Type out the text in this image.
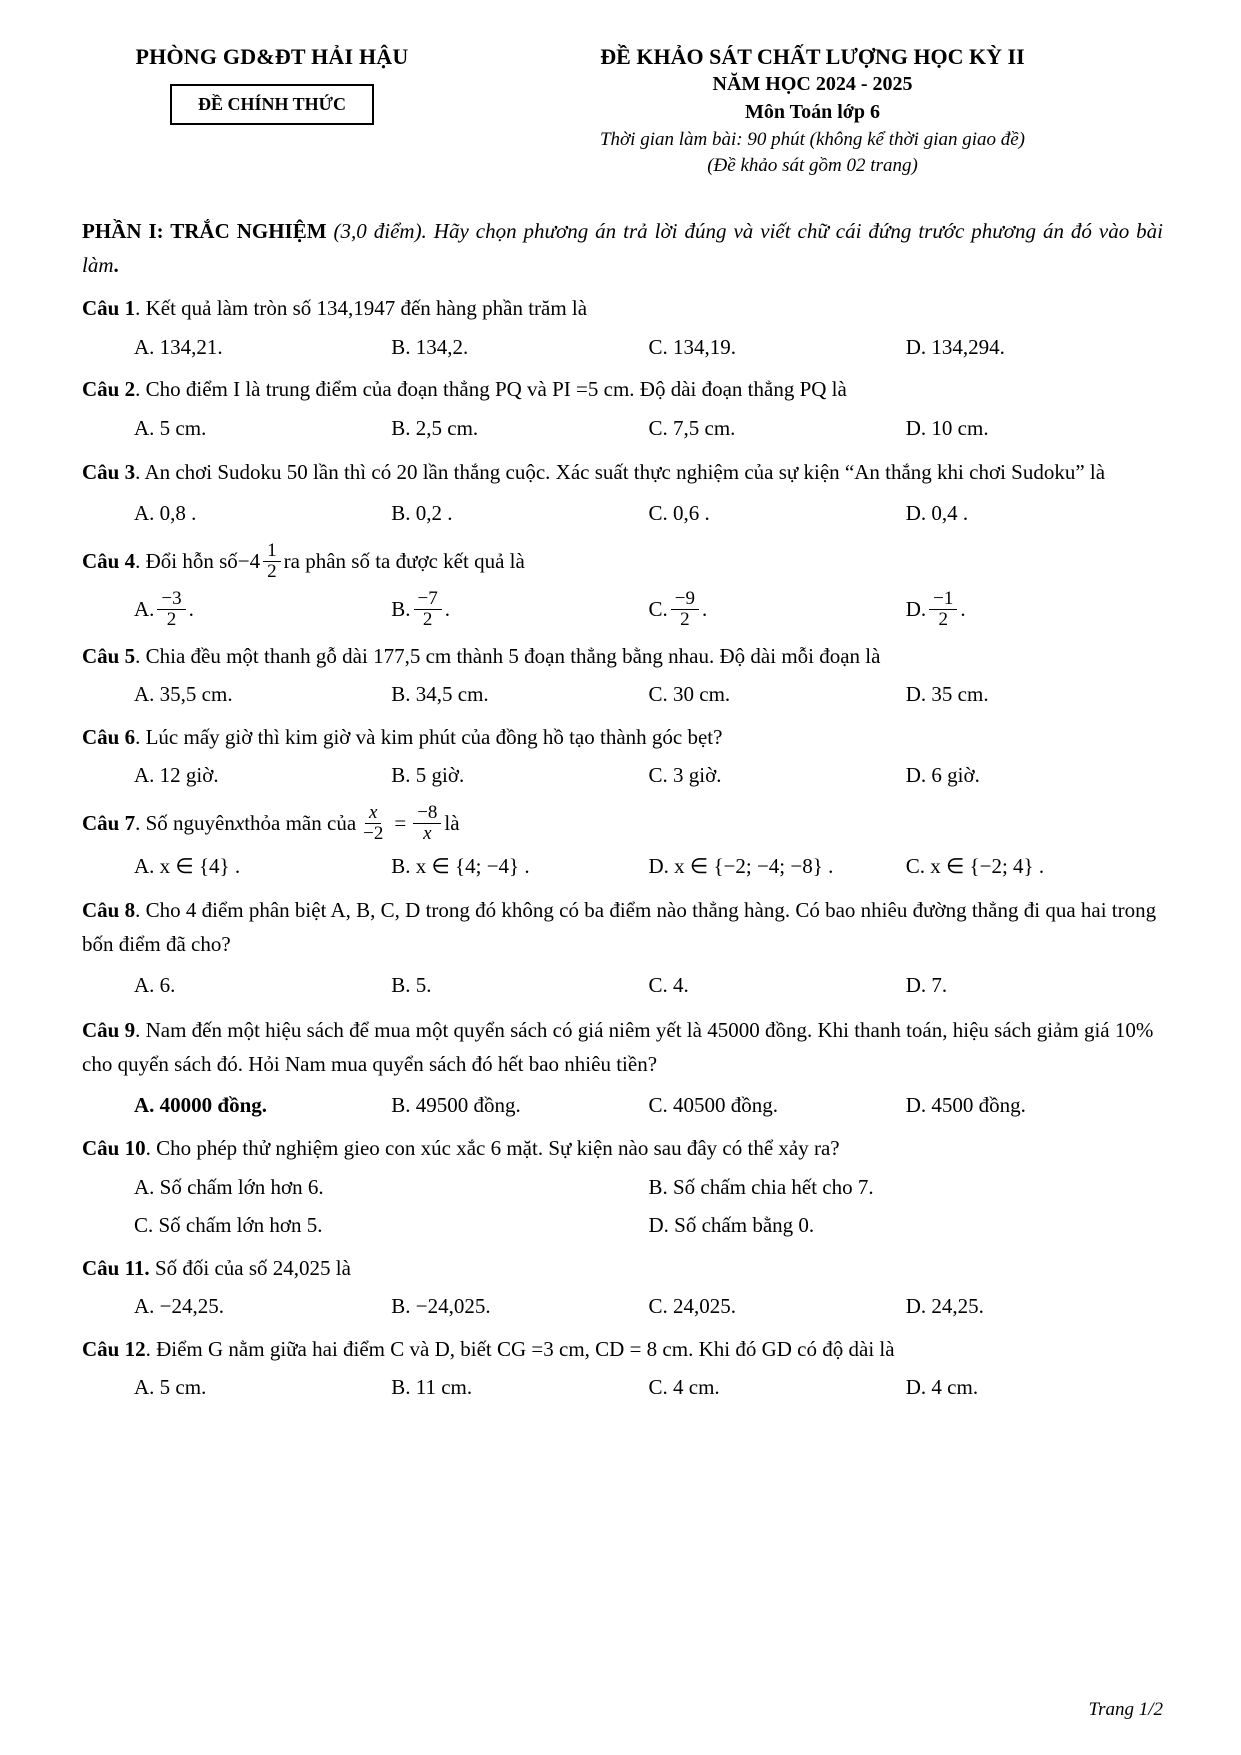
PHÒNG GD&ĐT HẢI HẬU
ĐỀ CHÍNH THỨC
ĐỀ KHẢO SÁT CHẤT LƯỢNG HỌC KỲ II
NĂM HỌC 2024 - 2025
Môn Toán lớp 6
Thời gian làm bài: 90 phút (không kể thời gian giao đề)
(Đề khảo sát gồm 02 trang)
PHẦN I: TRẮC NGHIỆM (3,0 điểm). Hãy chọn phương án trả lời đúng và viết chữ cái đứng trước phương án đó vào bài làm.
Câu 1. Kết quả làm tròn số 134,1947 đến hàng phần trăm là
A. 134,21.	B. 134,2.	C. 134,19.	D. 134,294.
Câu 2. Cho điểm I là trung điểm của đoạn thẳng PQ và PI =5 cm. Độ dài đoạn thẳng PQ là
A. 5 cm.	B. 2,5 cm.	C. 7,5 cm.	D. 10 cm.
Câu 3. An chơi Sudoku 50 lần thì có 20 lần thắng cuộc. Xác suất thực nghiệm của sự kiện “An thắng khi chơi Sudoku” là
A. 0,8 .	B. 0,2 .	C. 0,6 .	D. 0,4 .
Câu 4 . Đổi hỗn số $-4 \frac{1}{2}$ ra phân số ta được kết quả là
A. $\frac{-3}{2}$ .	B. $\frac{-7}{2}$ .	C. $\frac{-9}{2}$ .	D. $\frac{-1}{2}$ .
Câu 5. Chia đều một thanh gỗ dài 177,5 cm thành 5 đoạn thẳng bằng nhau. Độ dài mỗi đoạn là
A. 35,5 cm.	B. 34,5 cm.	C. 30 cm.	D. 35 cm.
Câu 6. Lúc mấy giờ thì kim giờ và kim phút của đồng hồ tạo thành góc bẹt?
A. 12 giờ.	B. 5 giờ.	C. 3 giờ.	D. 6 giờ.
Câu 7 . Số nguyên x thỏa mãn của $\frac{x}{-2} = \frac{-8}{x}$ là
A. x ∈ {4} .	B. x ∈ {4; −4} .	D. x ∈ {−2; −4; −8} .	C. x ∈ {−2; 4} .
Câu 8. Cho 4 điểm phân biệt A, B, C, D trong đó không có ba điểm nào thẳng hàng. Có bao nhiêu đường thẳng đi qua hai trong bốn điểm đã cho?
A. 6.	B. 5.	C. 4.	D. 7.
Câu 9. Nam đến một hiệu sách để mua một quyển sách có giá niêm yết là 45000 đồng. Khi thanh toán, hiệu sách giảm giá 10% cho quyển sách đó. Hỏi Nam mua quyển sách đó hết bao nhiêu tiền?
A. 40000 đồng.	B. 49500 đồng.	C. 40500 đồng.	D. 4500 đồng.
Câu 10. Cho phép thử nghiệm gieo con xúc xắc 6 mặt. Sự kiện nào sau đây có thể xảy ra?
A. Số chấm lớn hơn 6.	B. Số chấm chia hết cho 7.
C. Số chấm lớn hơn 5.	D. Số chấm bằng 0.
Câu 11. Số đối của số 24,025 là
A. −24,25.	B. −24,025.	C. 24,025.	D. 24,25.
Câu 12. Điểm G nằm giữa hai điểm C và D, biết CG =3 cm, CD = 8 cm. Khi đó GD có độ dài là
A. 5 cm.	B. 11 cm.	C. 4 cm.	D. 4 cm.
Trang 1/2
